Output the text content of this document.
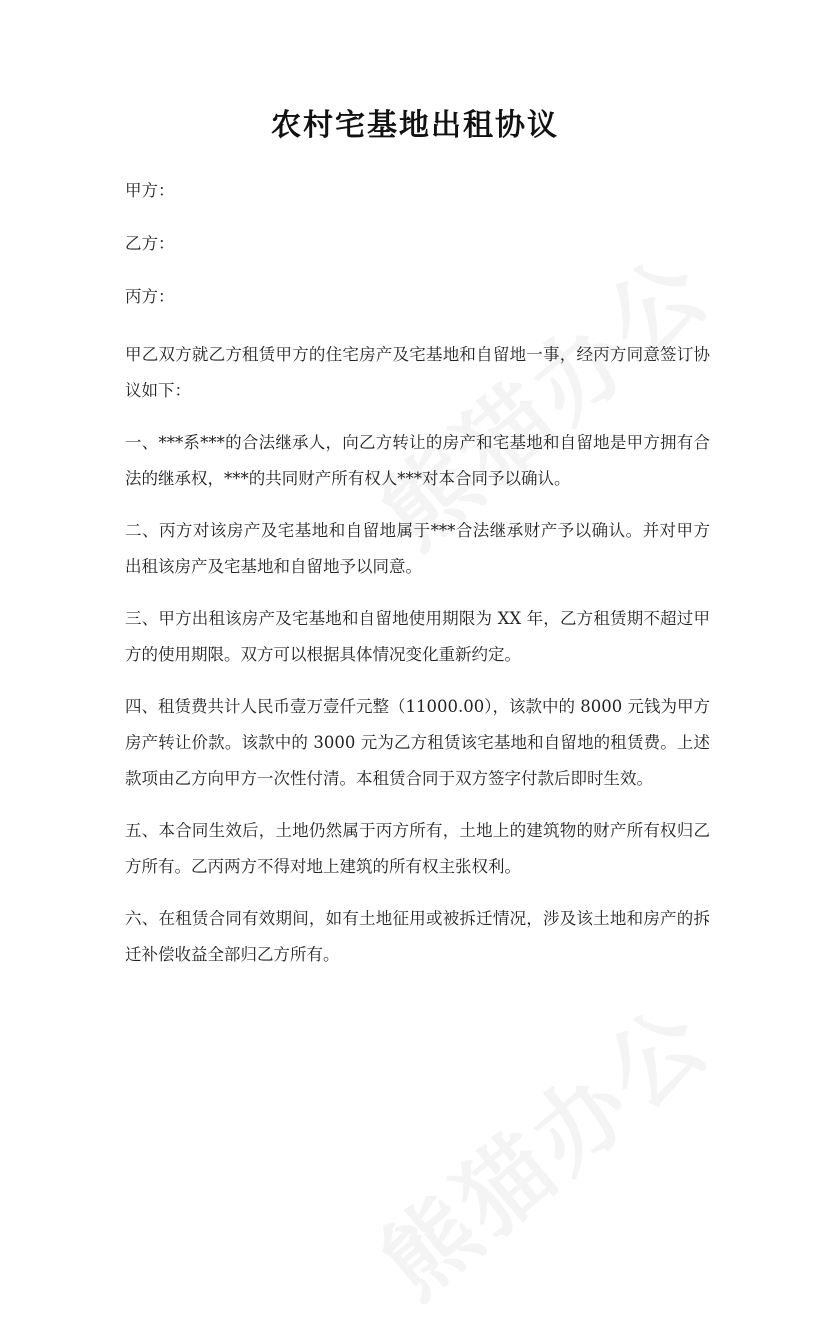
农村宅基地出租协议
甲方：
乙方：
丙方：

甲乙双方就乙方租赁甲方的住宅房产及宅基地和自留地一事，经丙方同意签订协议如下：

一、***系***的合法继承人，向乙方转让的房产和宅基地和自留地是甲方拥有合法的继承权，***的共同财产所有权人***对本合同予以确认。

二、丙方对该房产及宅基地和自留地属于***合法继承财产予以确认。并对甲方出租该房产及宅基地和自留地予以同意。

三、甲方出租该房产及宅基地和自留地使用期限为 XX 年，乙方租赁期不超过甲方的使用期限。双方可以根据具体情况变化重新约定。

四、租赁费共计人民币壹万壹仟元整（11000.00），该款中的 8000 元钱为甲方房产转让价款。该款中的 3000 元为乙方租赁该宅基地和自留地的租赁费。上述款项由乙方向甲方一次性付清。本租赁合同于双方签字付款后即时生效。

五、本合同生效后，土地仍然属于丙方所有，土地上的建筑物的财产所有权归乙方所有。乙丙两方不得对地上建筑的所有权主张权利。

六、在租赁合同有效期间，如有土地征用或被拆迁情况，涉及该土地和房产的拆迁补偿收益全部归乙方所有。
